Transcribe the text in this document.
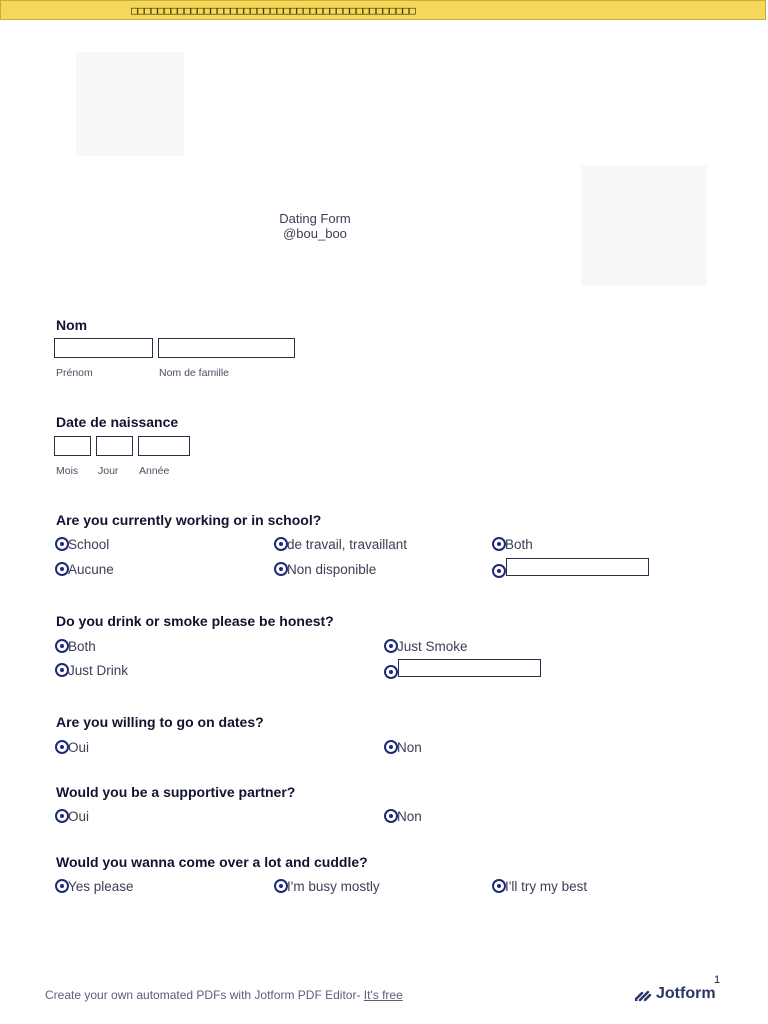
□□□□□□□□□□□□□□□□□□□□□□□□□□□□□□□□□□□□□□□□□□□
Dating Form
@bou_boo
Nom
Prénom	Nom de famille
Date de naissance
Mois Jour Année
Are you currently working or in school?
School	de travail, travaillant	Both
Aucune	Non disponible
Do you drink or smoke please be honest?
Both	Just Smoke
Just Drink
Are you willing to go on dates?
Oui	Non
Would you be a supportive partner?
Oui	Non
Would you wanna come over a lot and cuddle?
Yes please	I'm busy mostly	I'll try my best
1
Create your own automated PDFs with Jotform PDF Editor- It's free	Jotform
